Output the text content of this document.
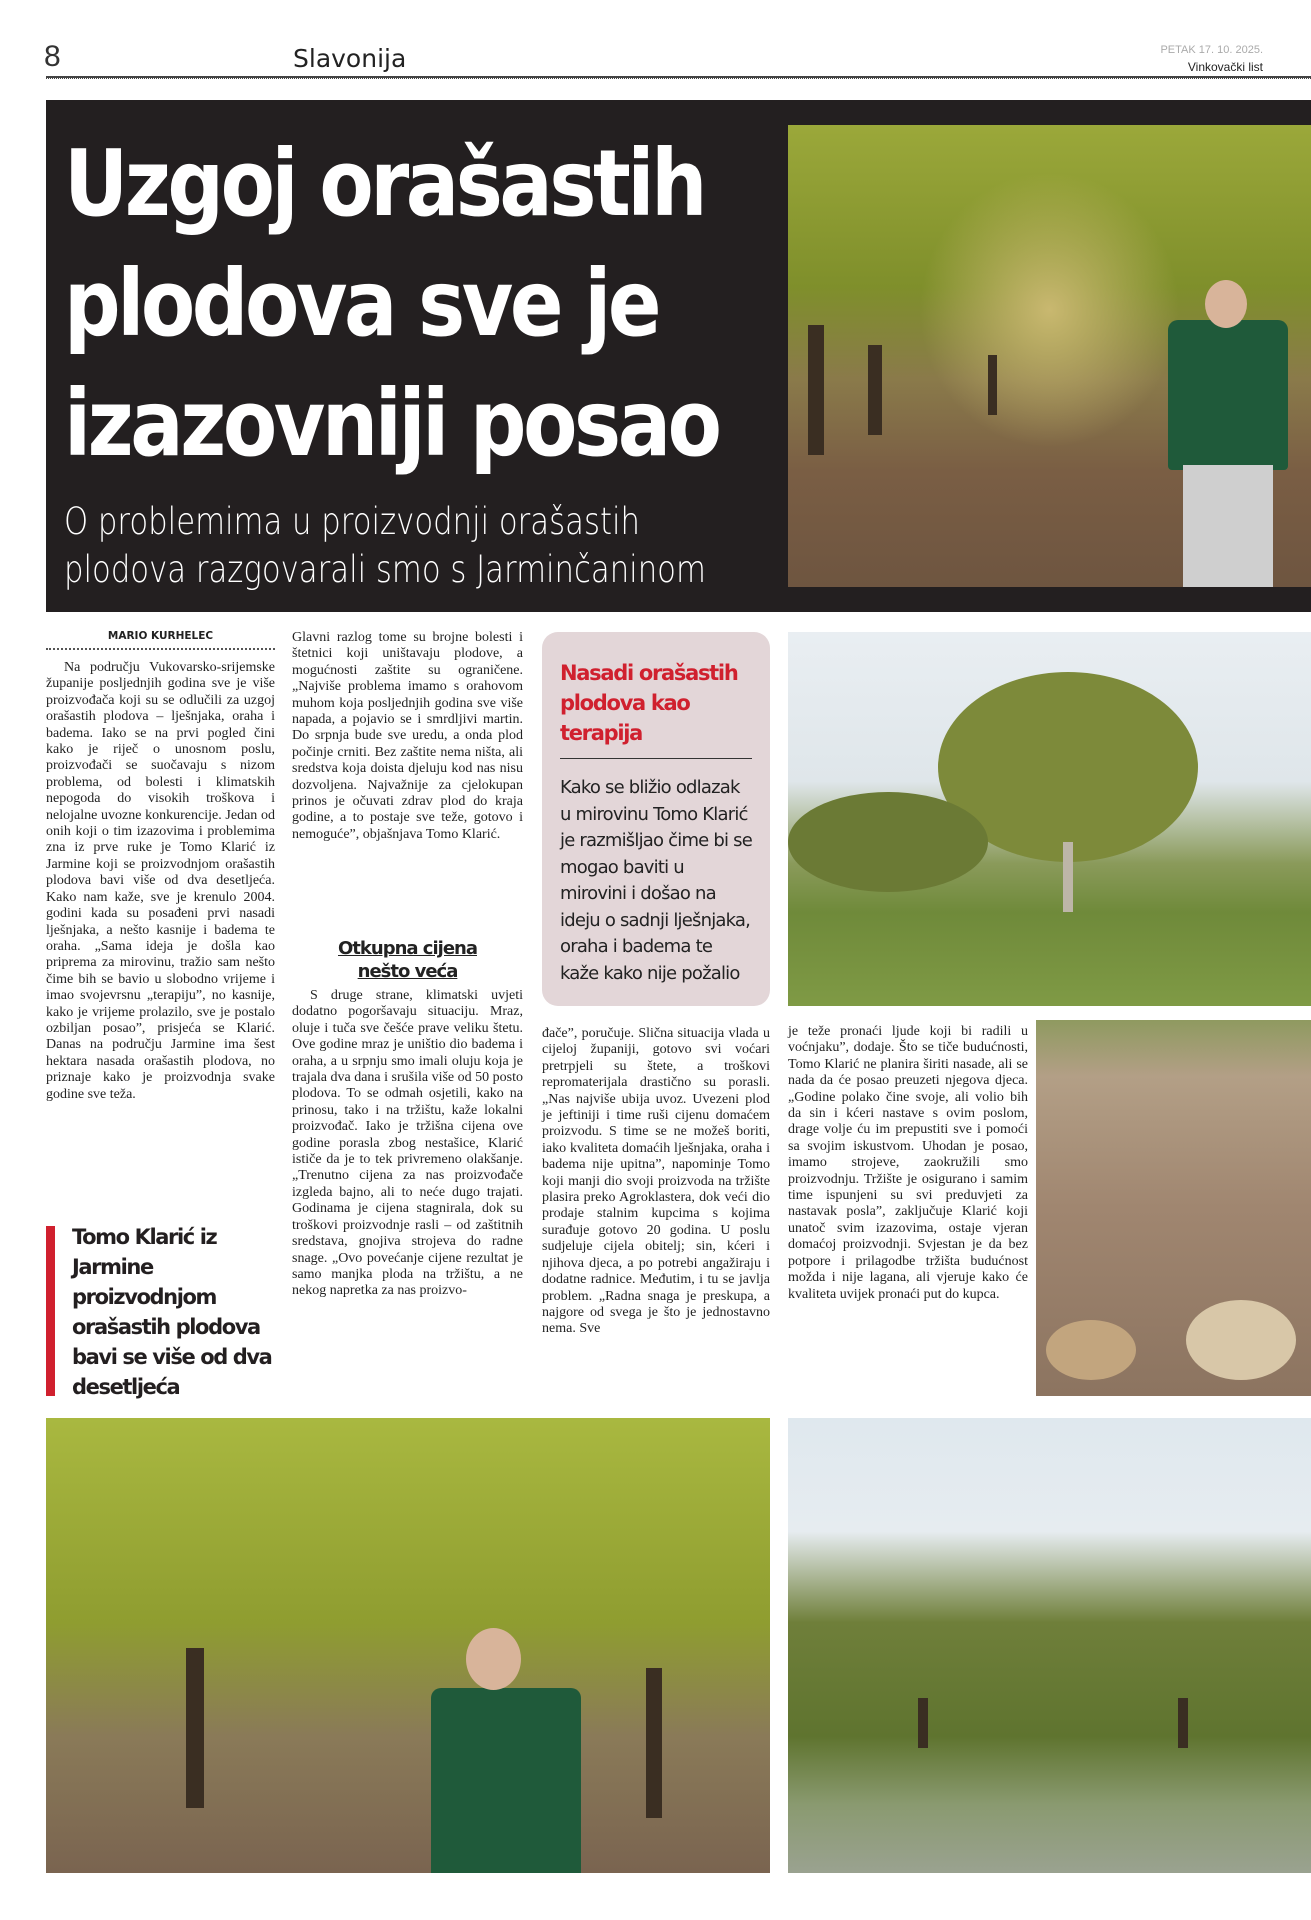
8	Slavonija	PETAK 17. 10. 2025.
Vinkovački list
Uzgoj orašastih
plodova sve je
izazovniji posao
O problemima u proizvodnji orašastih
plodova razgovarali smo s Jarminčaninom
MARIO KURHELEC

Na području Vukovarsko-srijemske županije posljednjih godina sve je više proizvođača koji su se odlučili za uzgoj orašastih plodova – lješnjaka, oraha i badema. Iako se na prvi pogled čini kako je riječ o unosnom poslu, proizvođači se suočavaju s nizom problema, od bolesti i klimatskih nepogoda do visokih troškova i nelojalne uvozne konkurencije. Jedan od onih koji o tim izazovima i problemima zna iz prve ruke je Tomo Klarić iz Jarmine koji se proizvodnjom orašastih plodova bavi više od dva desetljeća. Kako nam kaže, sve je krenulo 2004. godini kada su posađeni prvi nasadi lješnjaka, a nešto kasnije i badema te oraha. „Sama ideja je došla kao priprema za mirovinu, tražio sam nešto čime bih se bavio u slobodno vrijeme i imao svojevrsnu „terapiju”, no kasnije, kako je vrijeme prolazilo, sve je postalo ozbiljan posao”, prisjeća se Klarić. Danas na području Jarmine ima šest hektara nasada orašastih plodova, no priznaje kako je proizvodnja svake godine sve teža.

Glavni razlog tome su brojne bolesti i štetnici koji uništavaju plodove, a mogućnosti zaštite su ograničene. „Najviše problema imamo s orahovom muhom koja posljednjih godina sve više napada, a pojavio se i smrdljivi martin. Do srpnja bude sve uredu, a onda plod počinje crniti. Bez zaštite nema ništa, ali sredstva koja doista djeluju kod nas nisu dozvoljena. Najvažnije za cjelokupan prinos je očuvati zdrav plod do kraja godine, a to postaje sve teže, gotovo i nemoguće”, objašnjava Tomo Klarić.

Otkupna cijena
nešto veća

S druge strane, klimatski uvjeti dodatno pogoršavaju situaciju. Mraz, oluje i tuča sve češće prave veliku štetu. Ove godine mraz je uništio dio badema i oraha, a u srpnju smo imali oluju koja je trajala dva dana i srušila više od 50 posto plodova. To se odmah osjetili, kako na prinosu, tako i na tržištu, kaže lokalni proizvođač. Iako je tržišna cijena ove godine porasla zbog nestašice, Klarić ističe da je to tek privremeno olakšanje. „Trenutno cijena za nas proizvođače izgleda bajno, ali to neće dugo trajati. Godinama je cijena stagnirala, dok su troškovi proizvodnje rasli – od zaštitnih sredstava, gnojiva strojeva do radne snage. „Ovo povećanje cijene rezultat je samo manjka ploda na tržištu, a ne nekog napretka za nas proizvo-

Nasadi orašastih plodova kao terapija
Kako se bližio odlazak u mirovinu Tomo Klarić je razmišljao čime bi se mogao baviti u mirovini i došao na ideju o sadnji lješnjaka, oraha i badema te kaže kako nije požalio

đače”, poručuje. Slična situacija vlada u cijeloj županiji, gotovo svi voćari pretrpjeli su štete, a troškovi repromaterijala drastično su porasli. „Nas najviše ubija uvoz. Uvezeni plod je jeftiniji i time ruši cijenu domaćem proizvodu. S time se ne možeš boriti, iako kvaliteta domaćih lješnjaka, oraha i badema nije upitna”, napominje Tomo koji manji dio svoji proizvoda na tržište plasira preko Agroklastera, dok veći dio prodaje stalnim kupcima s kojima surađuje gotovo 20 godina. U poslu sudjeluje cijela obitelj; sin, kćeri i njihova djeca, a po potrebi angažiraju i dodatne radnice. Međutim, i tu se javlja problem. „Radna snaga je preskupa, a najgore od svega je što je jednostavno nema. Sve

je teže pronaći ljude koji bi radili u voćnjaku”, dodaje. Što se tiče budućnosti, Tomo Klarić ne planira širiti nasade, ali se nada da će posao preuzeti njegova djeca. „Godine polako čine svoje, ali volio bih da sin i kćeri nastave s ovim poslom, drage volje ću im prepustiti sve i pomoći sa svojim iskustvom. Uhodan je posao, imamo strojeve, zaokružili smo proizvodnju. Tržište je osigurano i samim time ispunjeni su svi preduvjeti za nastavak posla”, zaključuje Klarić koji unatoč svim izazovima, ostaje vjeran domaćoj proizvodnji. Svjestan je da bez potpore i prilagodbe tržišta budućnost možda i nije lagana, ali vjeruje kako će kvaliteta uvijek pronaći put do kupca.

Tomo Klarić iz Jarmine proizvodnjom orašastih plodova bavi se više od dva desetljeća
